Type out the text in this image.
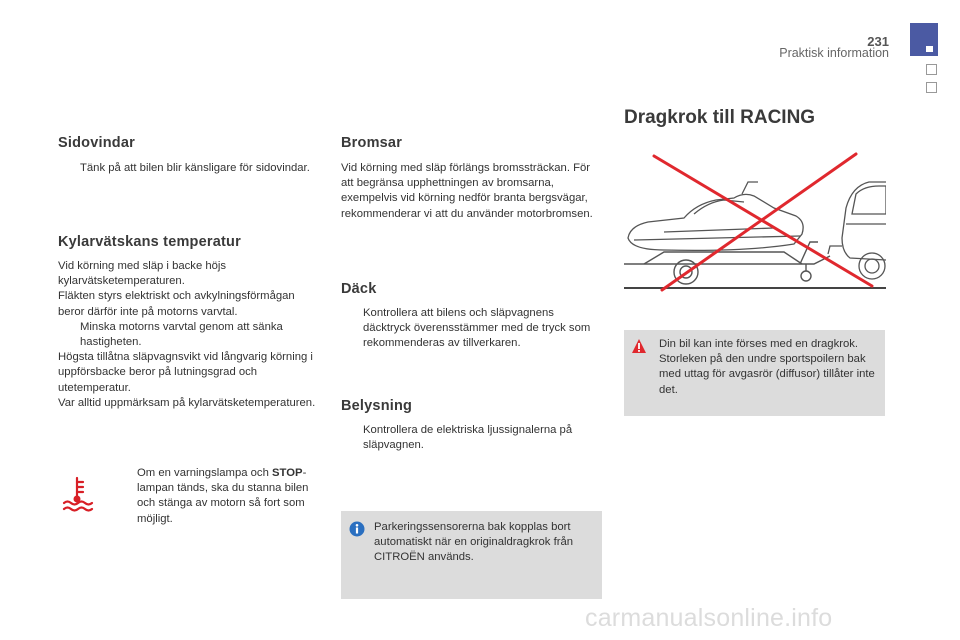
231
Praktisk information
Sidovindar
Tänk på att bilen blir känsligare för sidovindar.
Kylarvätskans temperatur
Vid körning med släp i backe höjs kylarvätsketemperaturen.
Fläkten styrs elektriskt och avkylningsförmågan beror därför inte på motorns varvtal.
Minska motorns varvtal genom att sänka hastigheten.
Högsta tillåtna släpvagnsvikt vid långvarig körning i uppförsbacke beror på lutningsgrad och utetemperatur.
Var alltid uppmärksam på kylarvätsketemperaturen.
Om en varningslampa och STOP-lampan tänds, ska du stanna bilen och stänga av motorn så fort som möjligt.
Bromsar
Vid körning med släp förlängs bromssträckan. För att begränsa upphettningen av bromsarna, exempelvis vid körning nedför branta bergsvägar, rekommenderar vi att du använder motorbromsen.
Däck
Kontrollera att bilens och släpvagnens däcktryck överensstämmer med de tryck som rekommenderas av tillverkaren.
Belysning
Kontrollera de elektriska ljussignalerna på släpvagnen.
Parkeringssensorerna bak kopplas bort automatiskt när en originaldragkrok från CITROËN används.
Dragkrok till RACING
Din bil kan inte förses med en dragkrok. Storleken på den undre sportspoilern bak med uttag för avgasrör (diffusor) tillåter inte det.
carmanualsonline.info
